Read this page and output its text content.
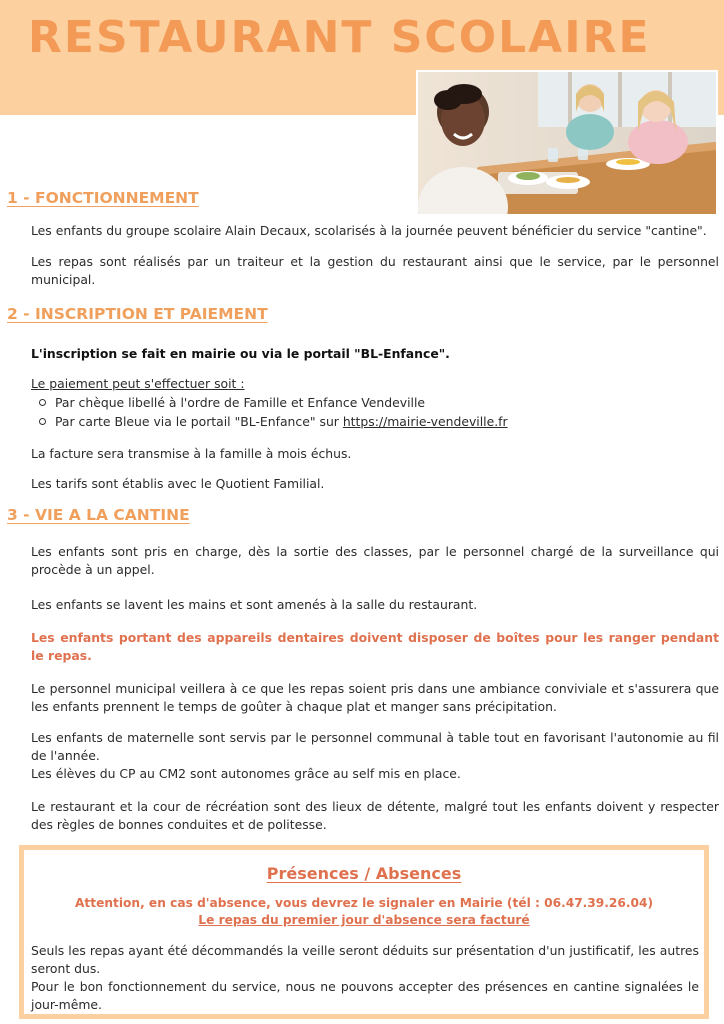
RESTAURANT SCOLAIRE
1 - FONCTIONNEMENT

Les enfants du groupe scolaire Alain Decaux, scolarisés à la journée peuvent bénéficier du service "cantine".

Les repas sont réalisés par un traiteur et la gestion du restaurant ainsi que le service, par le personnel municipal.

2 - INSCRIPTION ET PAIEMENT

L'inscription se fait en mairie ou via le portail "BL-Enfance".

Le paiement peut s'effectuer soit :

Par chèque libellé à l'ordre de Famille et Enfance Vendeville
Par carte Bleue via le portail "BL-Enfance" sur https://mairie-vendeville.fr

La facture sera transmise à la famille à mois échus.

Les tarifs sont établis avec le Quotient Familial.

3 - VIE A LA CANTINE

Les enfants sont pris en charge, dès la sortie des classes, par le personnel chargé de la surveillance qui procède à un appel.

Les enfants se lavent les mains et sont amenés à la salle du restaurant.

Les enfants portant des appareils dentaires doivent disposer de boîtes pour les ranger pendant le repas.

Le personnel municipal veillera à ce que les repas soient pris dans une ambiance conviviale et s'assurera que les enfants prennent le temps de goûter à chaque plat et manger sans précipitation.

Les enfants de maternelle sont servis par le personnel communal à table tout en favorisant l'autonomie au fil de l'année.

Les élèves du CP au CM2 sont autonomes grâce au self mis en place.

Le restaurant et la cour de récréation sont des lieux de détente, malgré tout les enfants doivent y respecter des règles de bonnes conduites et de politesse.

Présences / Absences

Attention, en cas d'absence, vous devrez le signaler en Mairie (tél : 06.47.39.26.04)
Le repas du premier jour d'absence sera facturé

Seuls les repas ayant été décommandés la veille seront déduits sur présentation d'un justificatif, les autres seront dus.

Pour le bon fonctionnement du service, nous ne pouvons accepter des présences en cantine signalées le jour-même.
